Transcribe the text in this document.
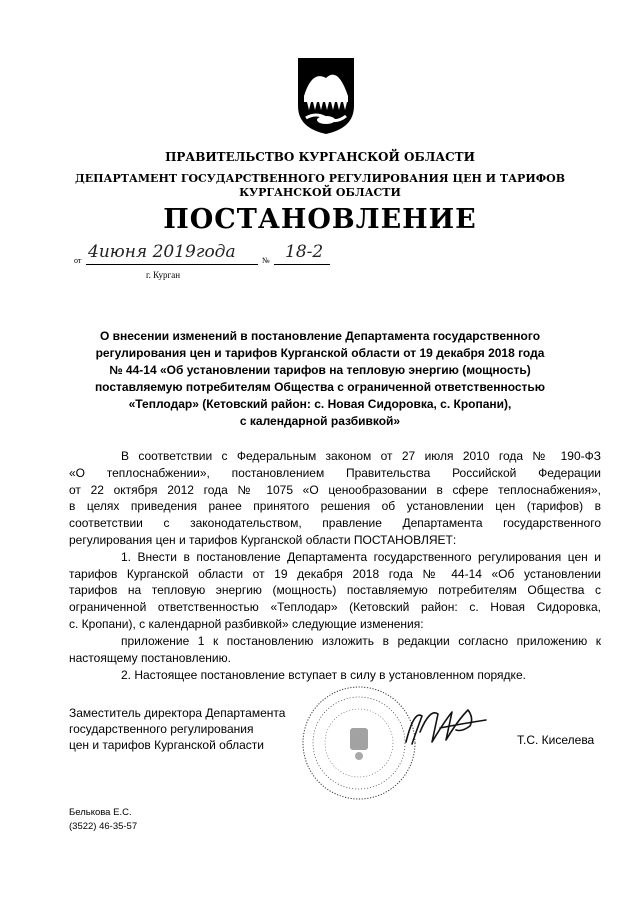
ПРАВИТЕЛЬСТВО КУРГАНСКОЙ ОБЛАСТИ
ДЕПАРТАМЕНТ ГОСУДАРСТВЕННОГО РЕГУЛИРОВАНИЯ ЦЕН И ТАРИФОВ
КУРГАНСКОЙ ОБЛАСТИ
ПОСТАНОВЛЕНИЕ
от 4июня 2019года	№ 18-2
г. Курган
О внесении изменений в постановление Департамента государственного
регулирования цен и тарифов Курганской области от 19 декабря 2018 года
№ 44-14 «Об установлении тарифов на тепловую энергию (мощность)
поставляемую потребителям Общества с ограниченной ответственностью
«Теплодар» (Кетовский район: с. Новая Сидоровка, с. Кропани),
с календарной разбивкой»
В соответствии с Федеральным законом от 27 июля 2010 года № 190-ФЗ
«О теплоснабжении», постановлением Правительства Российской Федерации
от 22 октября 2012 года № 1075 «О ценообразовании в сфере теплоснабжения»,
в целях приведения ранее принятого решения об установлении цен (тарифов) в
соответствии с законодательством, правление Департамента государственного
регулирования цен и тарифов Курганской области ПОСТАНОВЛЯЕТ:
1. Внести в постановление Департамента государственного регулирования цен и
тарифов Курганской области от 19 декабря 2018 года № 44-14 «Об установлении
тарифов на тепловую энергию (мощность) поставляемую потребителям Общества с
ограниченной ответственностью «Теплодар» (Кетовский район: с. Новая Сидоровка,
с. Кропани), с календарной разбивкой» следующие изменения:
приложение 1 к постановлению изложить в редакции согласно приложению к
настоящему постановлению.
2. Настоящее постановление вступает в силу в установленном порядке.
Заместитель директора Департамента
государственного регулирования
цен и тарифов Курганской области	Т.С. Киселева
Белькова Е.С.
(3522) 46-35-57
